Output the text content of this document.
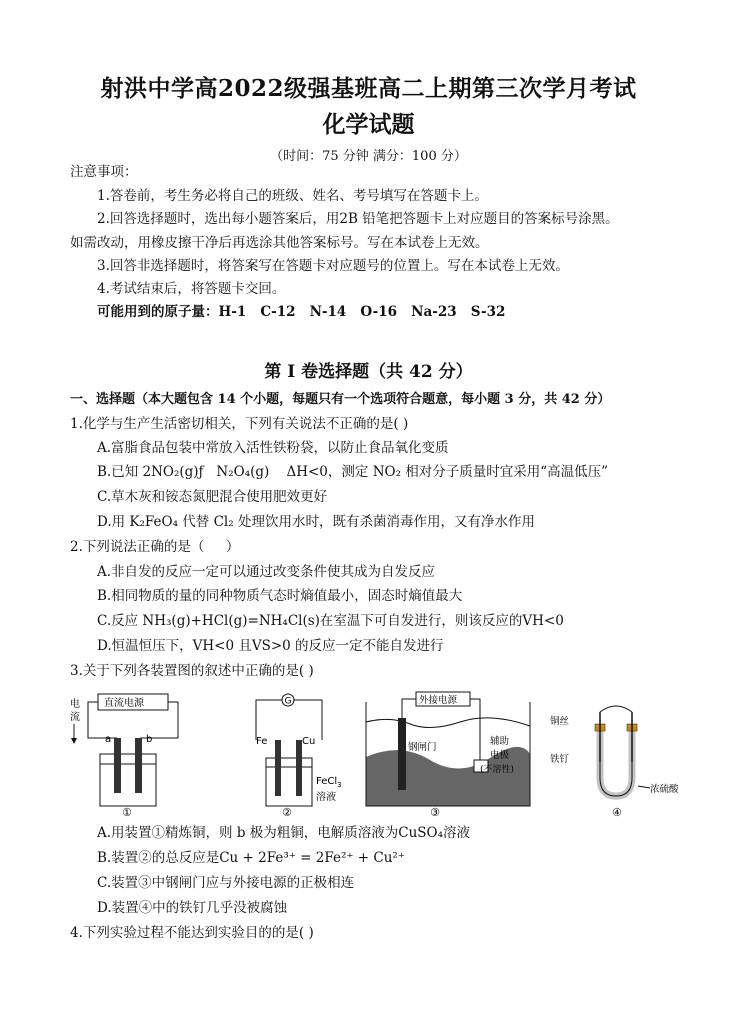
射洪中学高2022级强基班高二上期第三次学月考试
化学试题
（时间：75 分钟 满分：100 分）
注意事项：
1.答卷前，考生务必将自己的班级、姓名、考号填写在答题卡上。
2.回答选择题时，选出每小题答案后，用2B 铅笔把答题卡上对应题目的答案标号涂黑。
如需改动，用橡皮擦干净后再选涂其他答案标号。写在本试卷上无效。
3.回答非选择题时，将答案写在答题卡对应题号的位置上。写在本试卷上无效。
4.考试结束后，将答题卡交回。
可能用到的原子量：H-1   C-12   N-14   O-16   Na-23   S-32
第 I 卷选择题（共 42 分）
一、选择题（本大题包含 14 个小题，每题只有一个选项符合题意，每小题 3 分，共 42 分）
1.化学与生产生活密切相关，下列有关说法不正确的是( )
A.富脂食品包装中常放入活性铁粉袋，以防止食品氧化变质
B.已知 2NO₂(g)ƒ   N₂O₄(g)    ΔH<0，测定 NO₂ 相对分子质量时宜采用“高温低压”
C.草木灰和铵态氮肥混合使用肥效更好
D.用 K₂FeO₄ 代替 Cl₂ 处理饮用水时，既有杀菌消毒作用，又有净水作用
2.下列说法正确的是（     ）
A.非自发的反应一定可以通过改变条件使其成为自发反应
B.相同物质的量的同种物质气态时熵值最小，固态时熵值最大
C.反应 NH₃(g)+HCl(g)=NH₄Cl(s)在室温下可自发进行，则该反应的VH<0
D.恒温恒压下，VH<0 且VS>0 的反应一定不能自发进行
3.关于下列各装置图的叙述中正确的是( )
电
流
直流电源
a	b
①
G
Fe	Cu
FeCl$_3$
溶液
②
外接电源
钢闸门
辅助
电极
(不溶性)
③
铜丝
铁钉
浓硫酸
④
A.用装置①精炼铜，则 b 极为粗铜，电解质溶液为CuSO₄溶液
B.装置②的总反应是Cu + 2Fe³⁺ = 2Fe²⁺ + Cu²⁺
C.装置③中钢闸门应与外接电源的正极相连
D.装置④中的铁钉几乎没被腐蚀
4.下列实验过程不能达到实验目的的是( )
